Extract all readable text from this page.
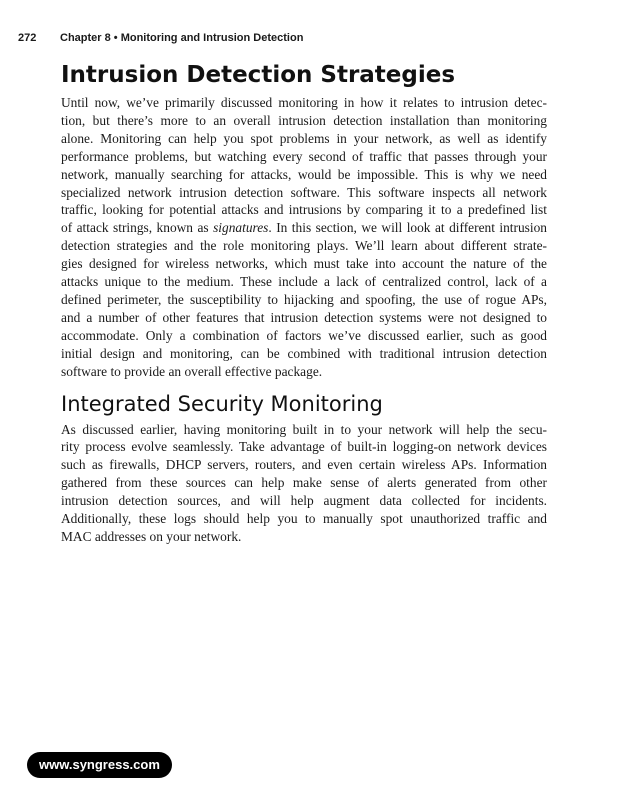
272 Chapter 8 • Monitoring and Intrusion Detection
Intrusion Detection Strategies

Until now, we’ve primarily discussed monitoring in how it relates to intrusion detec-
tion, but there’s more to an overall intrusion detection installation than monitoring
alone. Monitoring can help you spot problems in your network, as well as identify
performance problems, but watching every second of traffic that passes through your
network, manually searching for attacks, would be impossible. This is why we need
specialized network intrusion detection software. This software inspects all network
traffic, looking for potential attacks and intrusions by comparing it to a predefined list
of attack strings, known as signatures. In this section, we will look at different intrusion
detection strategies and the role monitoring plays. We’ll learn about different strate-
gies designed for wireless networks, which must take into account the nature of the
attacks unique to the medium. These include a lack of centralized control, lack of a
defined perimeter, the susceptibility to hijacking and spoofing, the use of rogue APs,
and a number of other features that intrusion detection systems were not designed to
accommodate. Only a combination of factors we’ve discussed earlier, such as good
initial design and monitoring, can be combined with traditional intrusion detection
software to provide an overall effective package.

Integrated Security Monitoring

As discussed earlier, having monitoring built in to your network will help the secu-
rity process evolve seamlessly. Take advantage of built-in logging-on network devices
such as firewalls, DHCP servers, routers, and even certain wireless APs. Information
gathered from these sources can help make sense of alerts generated from other
intrusion detection sources, and will help augment data collected for incidents.
Additionally, these logs should help you to manually spot unauthorized traffic and
MAC addresses on your network.

www.syngress.com
